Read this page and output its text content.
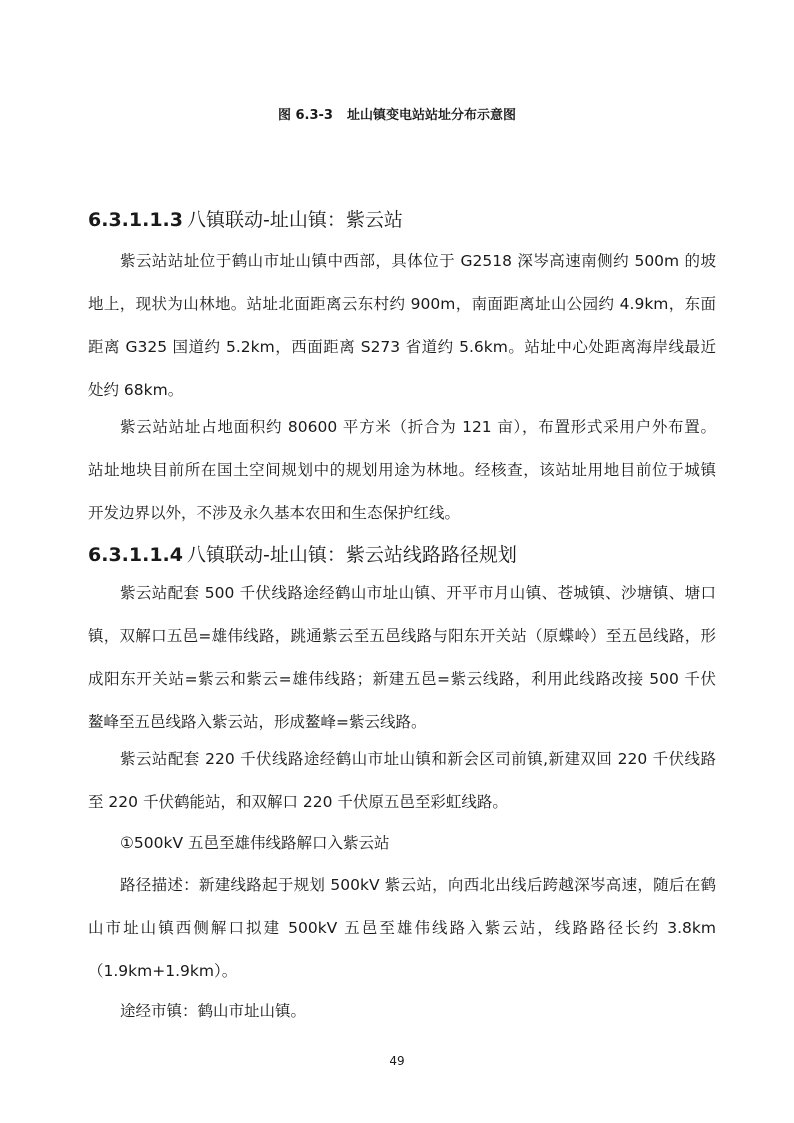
图 6.3-3 址山镇变电站站址分布示意图
6.3.1.1.3 八镇联动-址山镇：紫云站
紫云站站址位于鹤山市址山镇中西部，具体位于 G2518 深岑高速南侧约 500m 的坡
地上，现状为山林地。站址北面距离云东村约 900m，南面距离址山公园约 4.9km，东面
距离 G325 国道约 5.2km，西面距离 S273 省道约 5.6km。站址中心处距离海岸线最近
处约 68km。
紫云站站址占地面积约 80600 平方米（折合为 121 亩），布置形式采用户外布置。
站址地块目前所在国土空间规划中的规划用途为林地。经核查，该站址用地目前位于城镇
开发边界以外，不涉及永久基本农田和生态保护红线。
6.3.1.1.4 八镇联动-址山镇：紫云站线路路径规划
紫云站配套 500 千伏线路途经鹤山市址山镇、开平市月山镇、苍城镇、沙塘镇、塘口
镇，双解口五邑=雄伟线路，跳通紫云至五邑线路与阳东开关站（原蝶岭）至五邑线路，形
成阳东开关站=紫云和紫云=雄伟线路；新建五邑=紫云线路，利用此线路改接 500 千伏
鳌峰至五邑线路入紫云站，形成鳌峰=紫云线路。
紫云站配套 220 千伏线路途经鹤山市址山镇和新会区司前镇,新建双回 220 千伏线路
至 220 千伏鹤能站，和双解口 220 千伏原五邑至彩虹线路。
①500kV 五邑至雄伟线路解口入紫云站
路径描述：新建线路起于规划 500kV 紫云站，向西北出线后跨越深岑高速，随后在鹤
山市址山镇西侧解口拟建 500kV 五邑至雄伟线路入紫云站，线路路径长约 3.8km
（1.9km+1.9km）。
途经市镇：鹤山市址山镇。
49
